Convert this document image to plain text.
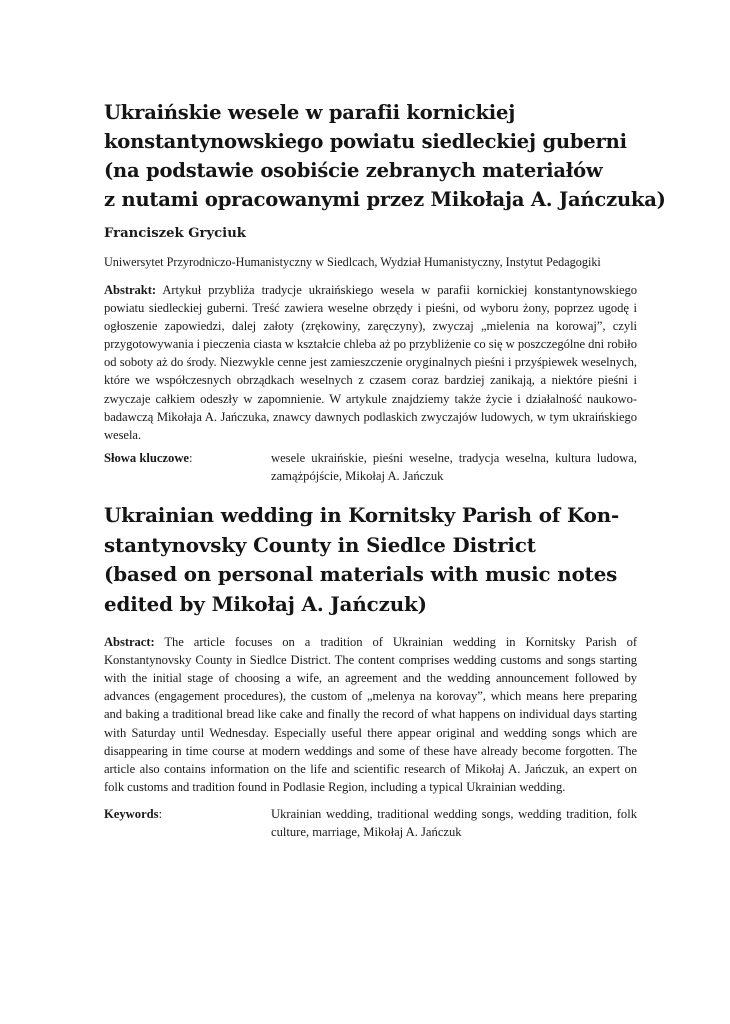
Ukraińskie wesele w parafii kornickiej
konstantynowskiego powiatu siedleckiej guberni
(na podstawie osobiście zebranych materiałów
z nutami opracowanymi przez Mikołaja A. Jańczuka)
Franciszek Gryciuk
Uniwersytet Przyrodniczo-Humanistyczny w Siedlcach, Wydział Humanistyczny, Instytut Pedagogiki

Abstrakt: Artykuł przybliża tradycje ukraińskiego wesela w parafii kornickiej konstantynowskiego powiatu siedleckiej guberni. Treść zawiera weselne obrzędy i pieśni, od wyboru żony, poprzez ugodę i ogłoszenie zapowiedzi, dalej załoty (zrękowiny, zaręczyny), zwyczaj „mielenia na korowaj”, czyli przygotowywania i pieczenia ciasta w kształcie chleba aż po przybliżenie co się w poszczególne dni robiło od soboty aż do środy. Niezwykle cenne jest zamieszczenie oryginalnych pieśni i przyśpiewek weselnych, które we współczesnych obrządkach weselnych z czasem coraz bardziej zanikają, a niektóre pieśni i zwyczaje całkiem odeszły w zapomnienie. W artykule znajdziemy także życie i działalność naukowo-badawczą Mikołaja A. Jańczuka, znawcy dawnych podlaskich zwyczajów ludowych, w tym ukraińskiego wesela.

Słowa kluczowe:	wesele ukraińskie, pieśni weselne, tradycja weselna, kultura ludowa, zamążpójście, Mikołaj A. Jańczuk
Ukrainian wedding in Kornitsky Parish of Kon-
stantynovsky County in Siedlce District
(based on personal materials with music notes
edited by Mikołaj A. Jańczuk)

Abstract: The article focuses on a tradition of Ukrainian wedding in Kornitsky Parish of Konstantynovsky County in Siedlce District. The content comprises wedding customs and songs starting with the initial stage of choosing a wife, an agreement and the wedding announcement followed by advances (engagement procedures), the custom of „melenya na korovay”, which means here preparing and baking a traditional bread like cake and finally the record of what happens on individual days starting with Saturday until Wednesday. Especially useful there appear original and wedding songs which are disappearing in time course at modern weddings and some of these have already become forgotten. The article also contains information on the life and scientific research of Mikołaj A. Jańczuk, an expert on folk customs and tradition found in Podlasie Region, including a typical Ukrainian wedding.

Keywords:	Ukrainian wedding, traditional wedding songs, wedding tradition, folk culture, marriage, Mikołaj A. Jańczuk
